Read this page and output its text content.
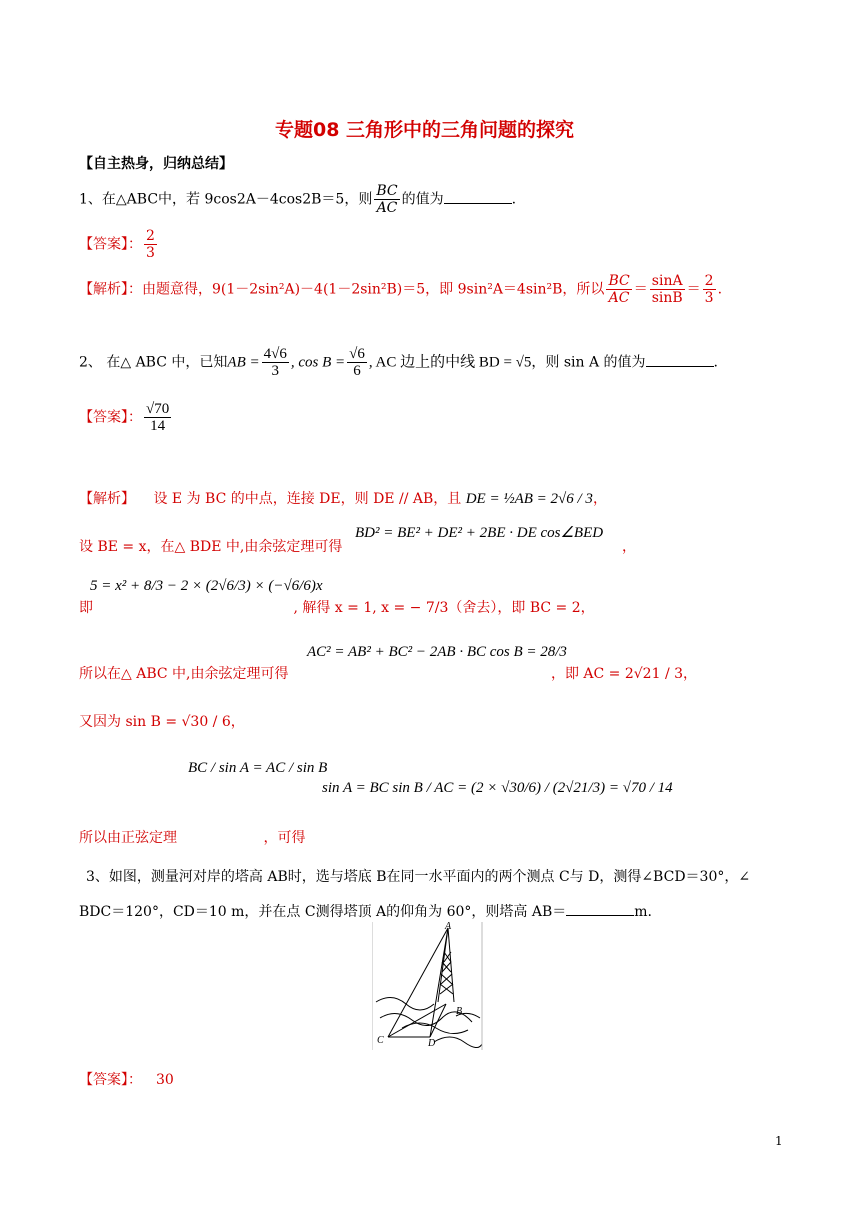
专题08 三角形中的三角问题的探究
【自主热身，归纳总结】
1、在△ABC中，若 9cos2A－4cos2B＝5，则 $\frac{BC}{AC}$ 的值为	.
【答案】： $\frac{2}{3}$
【解析】：由题意得，9(1－2sin²A)－4(1－2sin²B)＝5，即 9sin²A＝4sin²B，所以 $\frac{BC}{AC} = \frac{\sin A}{\sin B} = \frac{2}{3}$ .
2、 在△ ABC 中，已知AB = $\frac{4√6}{3}$ , $\cos B = \frac{√6}{6}$ , AC 边上的中线 BD = √5，则 sin A 的值为	.
【答案】： $\frac{√70}{14}$
【解析】 设 E 为 BC 的中点，连接 DE，则 DE // AB，且 DE = ½AB = 2√6 / 3，
设 BE = x，在△ BDE 中,由余弦定理可得
BD² = BE² + DE² + 2BE · DE cos∠BED
，
5 = x² + 8/3 − 2 × (2√6/3) × (−√6/6)x
即	, 解得 x = 1, x = − 7/3（舍去），即 BC = 2，
AC² = AB² + BC² − 2AB · BC cos B = 28/3
所以在△ ABC 中,由余弦定理可得	，即 AC = 2√21 / 3，
又因为 sin B = √30 / 6，
BC / sin A = AC / sin B
sin A = BC sin B / AC = (2 × √30/6) / (2√21/3) = √70 / 14
所以由正弦定理	，可得
3、如图，测量河对岸的塔高 AB时，选与塔底 B在同一水平面内的两个测点 C与 D，测得∠BCD＝30°，∠
BDC＝120°，CD＝10 m，并在点 C测得塔顶 A的仰角为 60°，则塔高 AB＝	m.
A
B
C	D
【答案】： 30
1
